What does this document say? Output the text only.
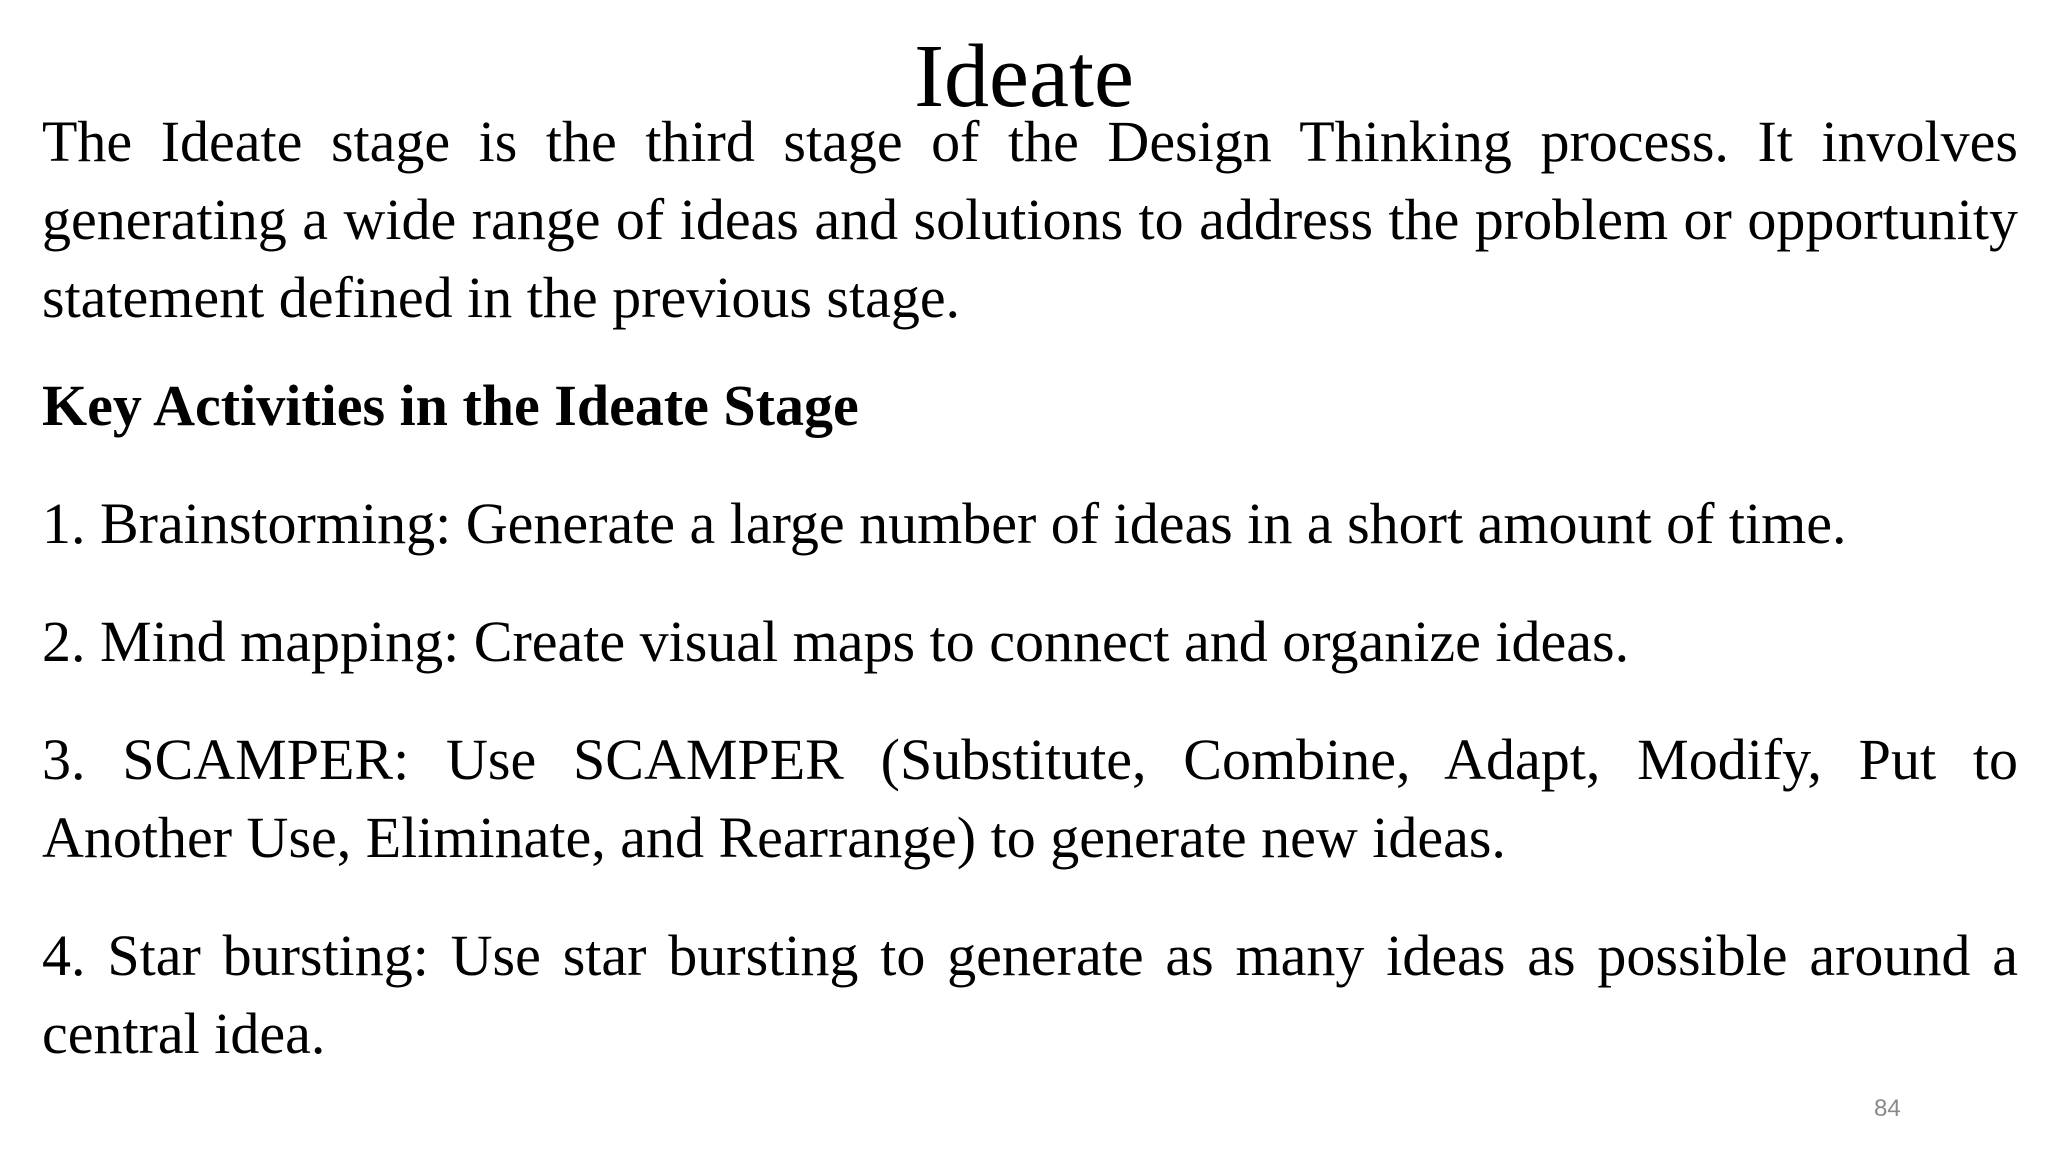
Ideate

The Ideate stage is the third stage of the Design Thinking process. It involves generating a wide range of ideas and solutions to address the problem or opportunity statement defined in the previous stage.

Key Activities in the Ideate Stage

1. Brainstorming: Generate a large number of ideas in a short amount of time.

2. Mind mapping: Create visual maps to connect and organize ideas.

3. SCAMPER: Use SCAMPER (Substitute, Combine, Adapt, Modify, Put to Another Use, Eliminate, and Rearrange) to generate new ideas.

4. Star bursting: Use star bursting to generate as many ideas as possible around a central idea.

84
